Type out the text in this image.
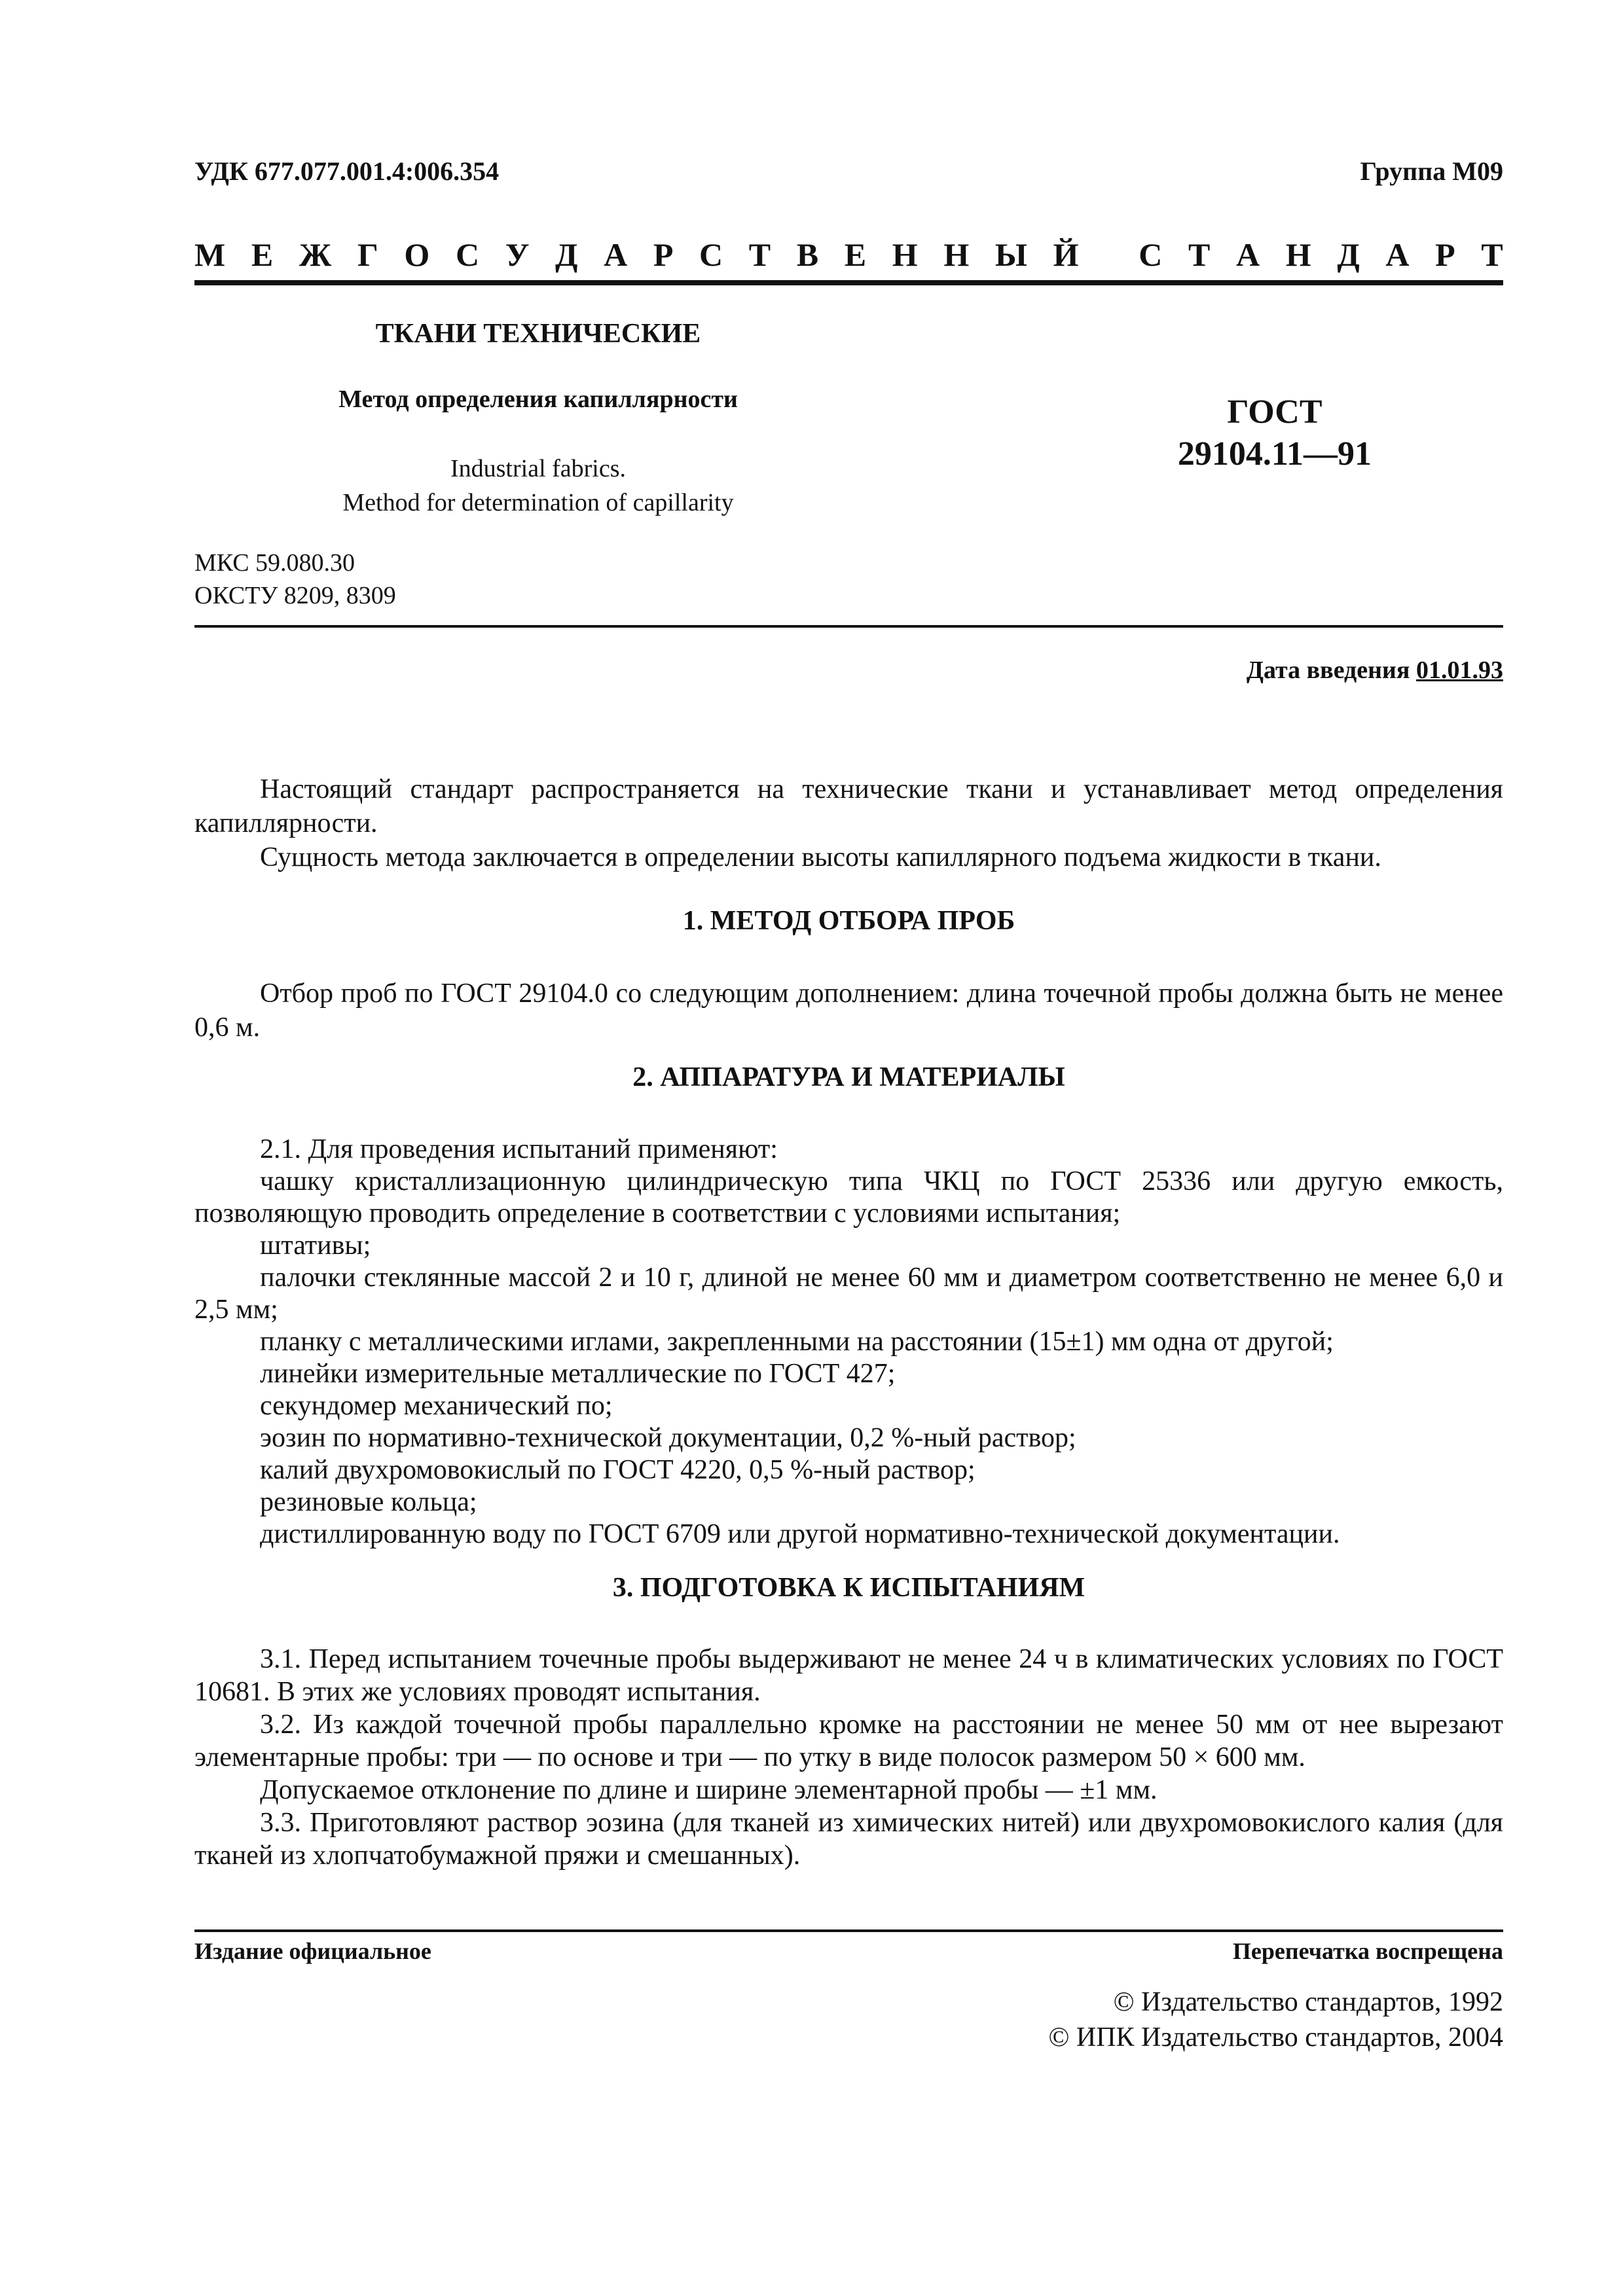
УДК 677.077.001.4:006.354	Группа М09
М Е Ж Г О С У Д А Р С Т В Е Н Н Ы Й
С Т А Н Д А Р Т
ТКАНИ ТЕХНИЧЕСКИЕ
Метод определения капиллярности
Industrial fabrics.
Method for determination of capillarity
ГОСТ
29104.11—91
МКС 59.080.30
ОКСТУ 8209, 8309
Дата введения 01.01.93

Настоящий стандарт распространяется на технические ткани и устанавливает метод определения капиллярности.

Сущность метода заключается в определении высоты капиллярного подъема жидкости в ткани.

1. МЕТОД ОТБОРА ПРОБ

Отбор проб по ГОСТ 29104.0 со следующим дополнением: длина точечной пробы должна быть не менее 0,6 м.

2. АППАРАТУРА И МАТЕРИАЛЫ

2.1. Для проведения испытаний применяют:

чашку кристаллизационную цилиндрическую типа ЧКЦ по ГОСТ 25336 или другую емкость, позволяющую проводить определение в соответствии с условиями испытания;

штативы;

палочки стеклянные массой 2 и 10 г, длиной не менее 60 мм и диаметром соответственно не менее 6,0 и 2,5 мм;

планку с металлическими иглами, закрепленными на расстоянии (15±1) мм одна от другой;

линейки измерительные металлические по ГОСТ 427;

секундомер механический по;

эозин по нормативно-технической документации, 0,2 %-ный раствор;

калий двухромовокислый по ГОСТ 4220, 0,5 %-ный раствор;

резиновые кольца;

дистиллированную воду по ГОСТ 6709 или другой нормативно-технической документации.

3. ПОДГОТОВКА К ИСПЫТАНИЯМ

3.1. Перед испытанием точечные пробы выдерживают не менее 24 ч в климатических условиях по ГОСТ 10681. В этих же условиях проводят испытания.

3.2. Из каждой точечной пробы параллельно кромке на расстоянии не менее 50 мм от нее вырезают элементарные пробы: три — по основе и три — по утку в виде полосок размером 50 × 600 мм.

Допускаемое отклонение по длине и ширине элементарной пробы — ±1 мм.

3.3. Приготовляют раствор эозина (для тканей из химических нитей) или двухромовокислого калия (для тканей из хлопчатобумажной пряжи и смешанных).

Издание официальное	Перепечатка воспрещена
© Издательство стандартов, 1992
© ИПК Издательство стандартов, 2004
